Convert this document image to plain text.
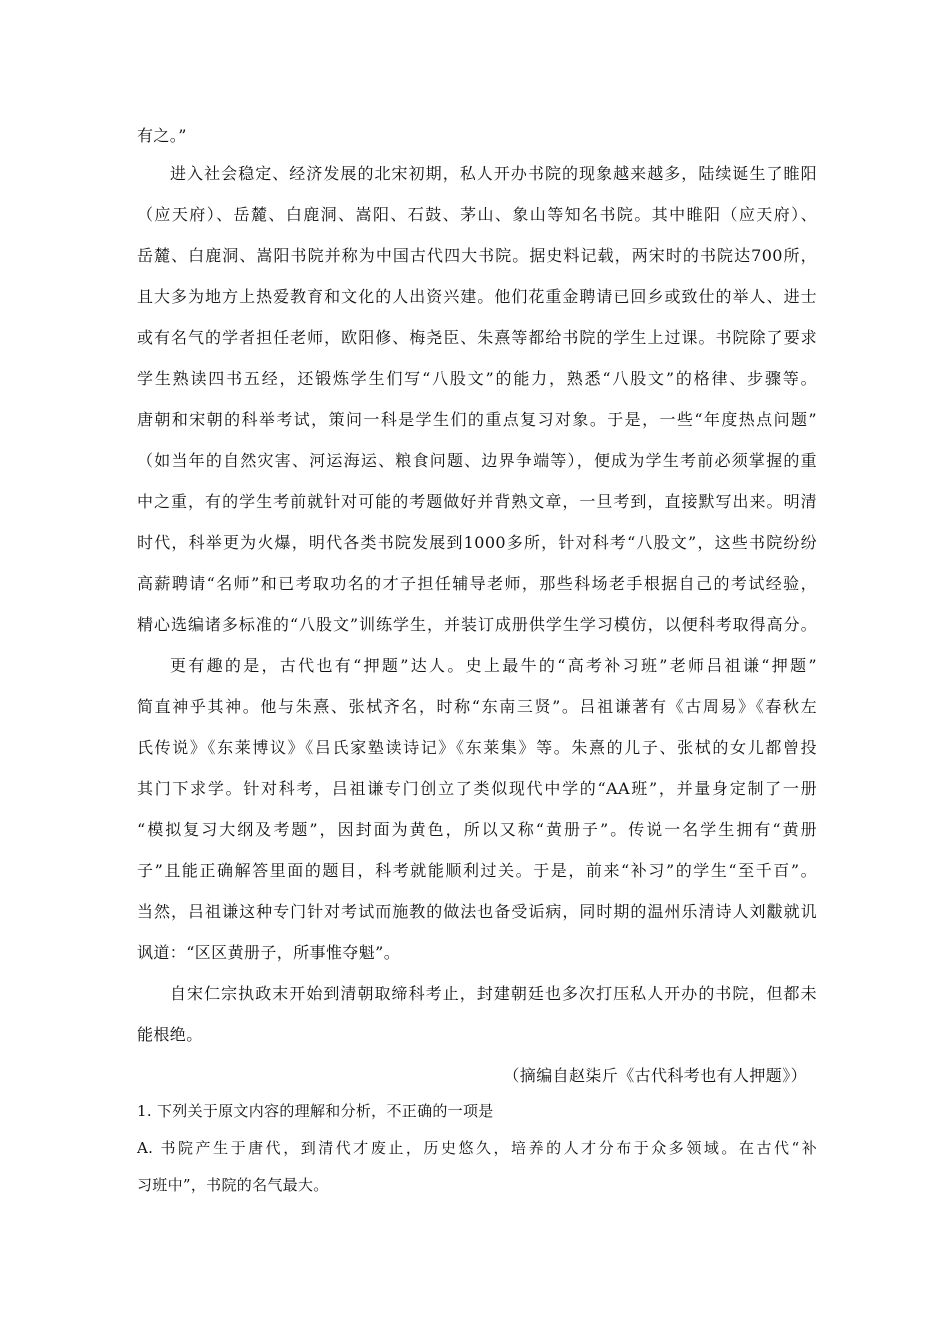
有之。”
进入社会稳定、经济发展的北宋初期，私人开办书院的现象越来越多，陆续诞生了睢阳
（应天府）、岳麓、白鹿洞、嵩阳、石鼓、茅山、象山等知名书院。其中睢阳（应天府）、
岳麓、白鹿洞、嵩阳书院并称为中国古代四大书院。据史料记载，两宋时的书院达700所，
且大多为地方上热爱教育和文化的人出资兴建。他们花重金聘请已回乡或致仕的举人、进士
或有名气的学者担任老师，欧阳修、梅尧臣、朱熹等都给书院的学生上过课。书院除了要求
学生熟读四书五经，还锻炼学生们写“八股文”的能力，熟悉“八股文”的格律、步骤等。
唐朝和宋朝的科举考试，策问一科是学生们的重点复习对象。于是，一些“年度热点问题”
（如当年的自然灾害、河运海运、粮食问题、边界争端等），便成为学生考前必须掌握的重
中之重，有的学生考前就针对可能的考题做好并背熟文章，一旦考到，直接默写出来。明清
时代，科举更为火爆，明代各类书院发展到1000多所，针对科考“八股文”，这些书院纷纷
高薪聘请“名师”和已考取功名的才子担任辅导老师，那些科场老手根据自己的考试经验，
精心选编诸多标准的“八股文”训练学生，并装订成册供学生学习模仿，以便科考取得高分。
更有趣的是，古代也有“押题”达人。史上最牛的“高考补习班”老师吕祖谦“押题”
简直神乎其神。他与朱熹、张栻齐名，时称“东南三贤”。吕祖谦著有《古周易》《春秋左
氏传说》《东莱博议》《吕氏家塾读诗记》《东莱集》等。朱熹的儿子、张栻的女儿都曾投
其门下求学。针对科考，吕祖谦专门创立了类似现代中学的“AA班”，并量身定制了一册
“模拟复习大纲及考题”，因封面为黄色，所以又称“黄册子”。传说一名学生拥有“黄册
子”且能正确解答里面的题目，科考就能顺利过关。于是，前来“补习”的学生“至千百”。
当然，吕祖谦这种专门针对考试而施教的做法也备受诟病，同时期的温州乐清诗人刘黻就讥
讽道：“区区黄册子，所事惟夺魁”。
自宋仁宗执政末开始到清朝取缔科考止，封建朝廷也多次打压私人开办的书院，但都未
能根绝。
（摘编自赵柒斤《古代科考也有人押题》）
1. 下列关于原文内容的理解和分析，不正确的一项是
A. 书院产生于唐代，到清代才废止，历史悠久，培养的人才分布于众多领域。在古代“补
习班中”，书院的名气最大。
